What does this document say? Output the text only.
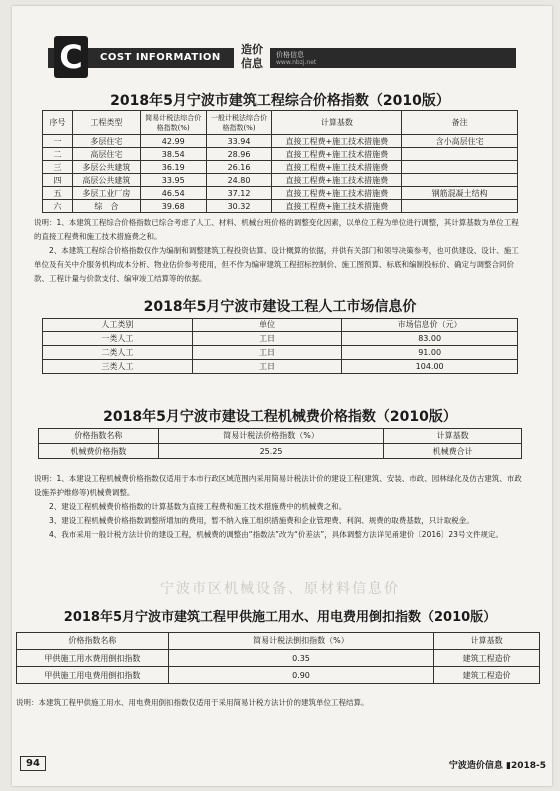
C	COST INFORMATION
造价
信息
价格信息
www.nbzj.net
2018年5月宁波市建筑工程综合价格指数（2010版）
序号	工程类型	简易计税法综合价格指数(%)	一般计税法综合价格指数(%)	计算基数	备注
一	多层住宅	42.99	33.94	直接工程费+施工技术措施费	含小高层住宅
二	高层住宅	38.54	28.96	直接工程费+施工技术措施费	
三	多层公共建筑	36.19	26.16	直接工程费+施工技术措施费	
四	高层公共建筑	33.95	24.80	直接工程费+施工技术措施费	
五	多层工业厂房	46.54	37.12	直接工程费+施工技术措施费	钢筋混凝土结构
六	综　合	39.68	30.32	直接工程费+施工技术措施费	

说明：1、本建筑工程综合价格指数已综合考虑了人工、材料、机械台班价格的调整变化因素，以单位工程为单位进行调整，其计算基数为单位工程的直接工程费和施工技术措施费之和。

2、本建筑工程综合价格指数仅作为编制和调整建筑工程投资估算、设计概算的依据，并供有关部门和领导决策参考，也可供建设、设计、施工单位及有关中介服务机构成本分析、物业估价参考使用，但不作为编审建筑工程招标控制价、施工图预算、标底和编制投标价、确定与调整合同价款、工程计量与价款支付、编审竣工结算等的依据。

2018年5月宁波市建设工程人工市场信息价
人工类别	单位	市场信息价（元）
一类人工	工日	83.00
二类人工	工日	91.00
三类人工	工日	104.00
2018年5月宁波市建设工程机械费价格指数（2010版）
价格指数名称	简易计税法价格指数（%）	计算基数
机械费价格指数	25.25	机械费合计

说明：1、本建设工程机械费价格指数仅适用于本市行政区域范围内采用简易计税法计价的建设工程(建筑、安装、市政、园林绿化及仿古建筑、市政设施养护维修等)机械费调整。

2、建设工程机械费价格指数的计算基数为直接工程费和施工技术措施费中的机械费之和。

3、建设工程机械费价格指数调整所增加的费用，暂不纳入施工组织措施费和企业管理费、利润、规费的取费基数，只计取税金。

4、我市采用一般计税方法计价的建设工程，机械费的调整由“指数法”改为“价差法”，具体调整方法详见甬建价〔2016〕23号文件规定。

宁波市区机械设备、原材料信息价
2018年5月宁波市建筑工程甲供施工用水、用电费用倒扣指数（2010版）
价格指数名称	简易计税法倒扣指数（%）	计算基数
甲供施工用水费用倒扣指数	0.35	建筑工程造价
甲供施工用电费用倒扣指数	0.90	建筑工程造价
说明：本建筑工程甲供施工用水、用电费用倒扣指数仅适用于采用简易计税方法计价的建筑单位工程结算。
94	宁波造价信息 ▮2018-5
